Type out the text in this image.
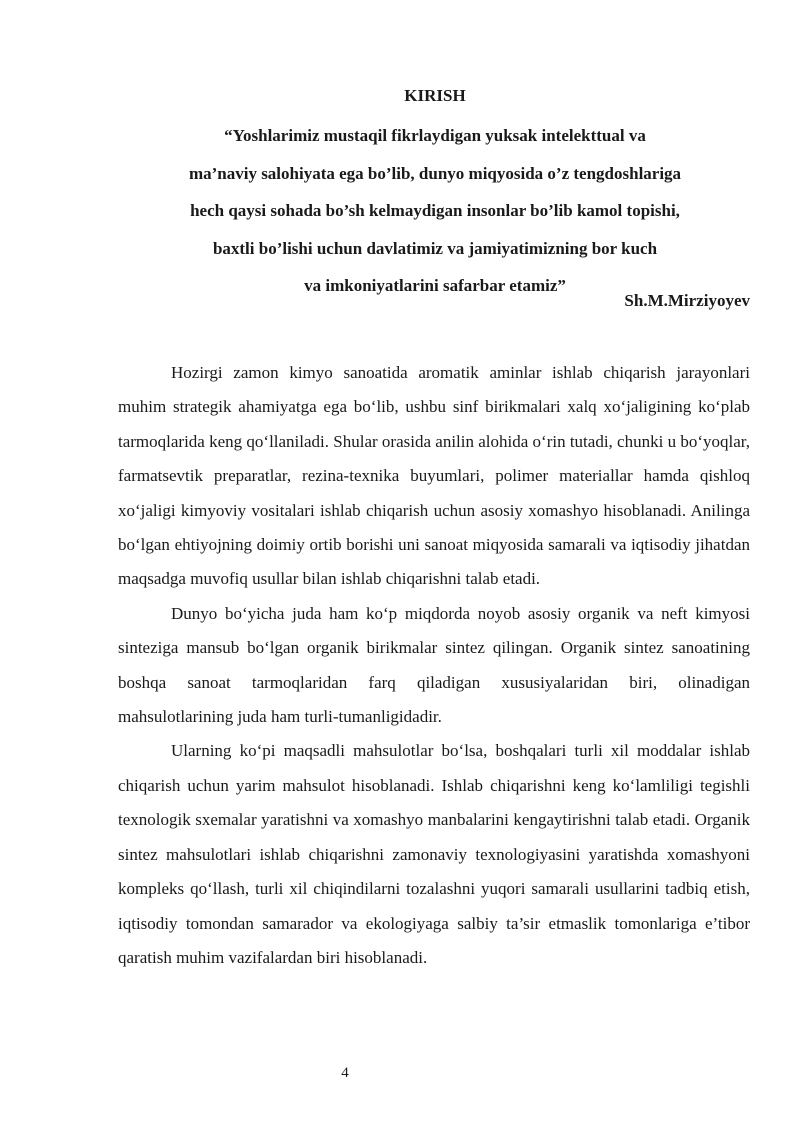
KIRISH
“Yoshlarimiz mustaqil fikrlaydigan yuksak intelekttual va
ma’naviy salohiyata ega bo’lib, dunyo miqyosida o’z tengdoshlariga
hech qaysi sohada bo’sh kelmaydigan insonlar bo’lib kamol topishi,
baxtli bo’lishi uchun davlatimiz va jamiyatimizning bor kuch
va imkoniyatlarini safarbar etamiz”
Sh.M.Mirziyoyev

Hozirgi zamon kimyo sanoatida aromatik aminlar ishlab chiqarish jarayonlari muhim strategik ahamiyatga ega bo‘lib, ushbu sinf birikmalari xalq xo‘jaligining ko‘plab tarmoqlarida keng qo‘llaniladi. Shular orasida anilin alohida o‘rin tutadi, chunki u bo‘yoqlar, farmatsevtik preparatlar, rezina-texnika buyumlari, polimer materiallar hamda qishloq xo‘jaligi kimyoviy vositalari ishlab chiqarish uchun asosiy xomashyo hisoblanadi. Anilinga bo‘lgan ehtiyojning doimiy ortib borishi uni sanoat miqyosida samarali va iqtisodiy jihatdan maqsadga muvofiq usullar bilan ishlab chiqarishni talab etadi.

Dunyo bo‘yicha juda ham ko‘p miqdorda noyob asosiy organik va neft kimyosi sinteziga mansub bo‘lgan organik birikmalar sintez qilingan. Organik sintez sanoatining boshqa sanoat tarmoqlaridan farq qiladigan xususiyalaridan biri, olinadigan mahsulotlarining juda ham turli-tumanligidadir.

Ularning ko‘pi maqsadli mahsulotlar bo‘lsa, boshqalari turli xil moddalar ishlab chiqarish uchun yarim mahsulot hisoblanadi. Ishlab chiqarishni keng ko‘lamliligi tegishli texnologik sxemalar yaratishni va xomashyo manbalarini kengaytirishni talab etadi. Organik sintez mahsulotlari ishlab chiqarishni zamonaviy texnologiyasini yaratishda xomashyoni kompleks qo‘llash, turli xil chiqindilarni tozalashni yuqori samarali usullarini tadbiq etish, iqtisodiy tomondan samarador va ekologiyaga salbiy ta’sir etmaslik tomonlariga e’tibor qaratish muhim vazifalardan biri hisoblanadi.

4
